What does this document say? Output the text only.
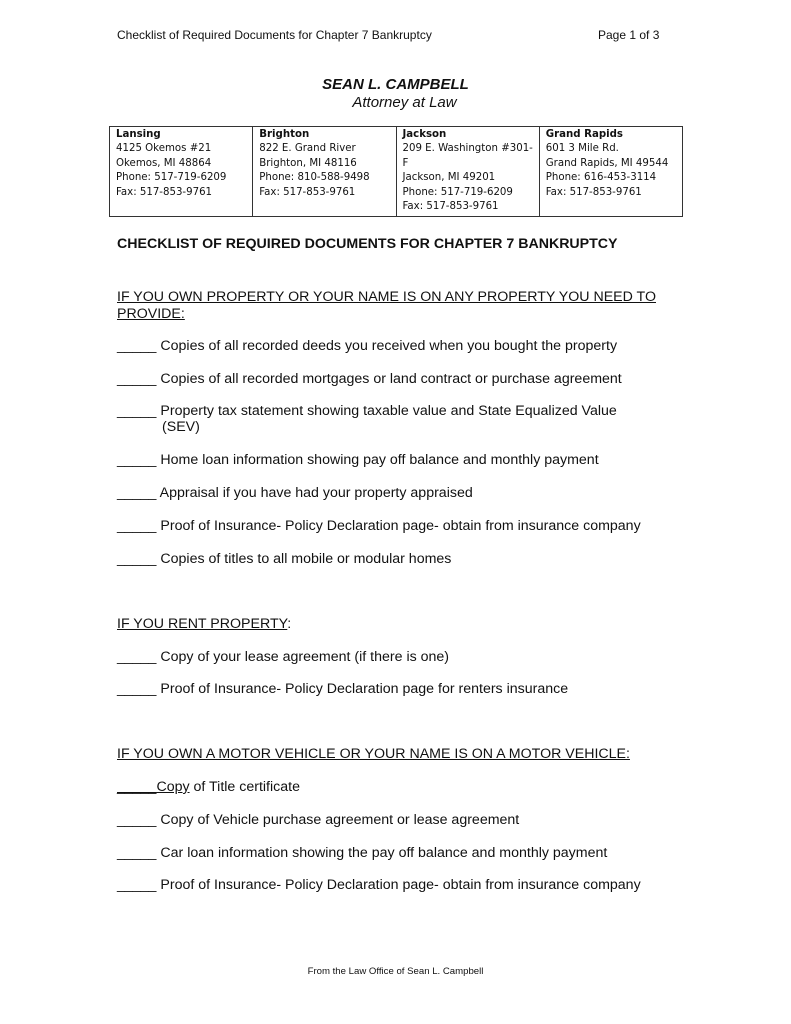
Checklist of Required Documents for Chapter 7 Bankruptcy	Page 1 of 3
SEAN L. CAMPBELL
Attorney at Law
Lansing
4125 Okemos #21
Okemos, MI 48864
Phone: 517-719-6209
Fax: 517-853-9761

Brighton
822 E. Grand River
Brighton, MI 48116
Phone: 810-588-9498
Fax: 517-853-9761

Jackson
209 E. Washington #301-F
Jackson, MI 49201
Phone: 517-719-6209
Fax: 517-853-9761

Grand Rapids
601 3 Mile Rd.
Grand Rapids, MI 49544
Phone: 616-453-3114
Fax: 517-853-9761
CHECKLIST OF REQUIRED DOCUMENTS FOR CHAPTER 7 BANKRUPTCY
IF YOU OWN PROPERTY OR YOUR NAME IS ON ANY PROPERTY YOU NEED TO
PROVIDE:
_____ Copies of all recorded deeds you received when you bought the property
_____ Copies of all recorded mortgages or land contract or purchase agreement
_____ Property tax statement showing taxable value and State Equalized Value
(SEV)
_____ Home loan information showing pay off balance and monthly payment
_____ Appraisal if you have had your property appraised
_____ Proof of Insurance- Policy Declaration page- obtain from insurance company
_____ Copies of titles to all mobile or modular homes
IF YOU RENT PROPERTY:
_____ Copy of your lease agreement (if there is one)
_____ Proof of Insurance- Policy Declaration page for renters insurance
IF YOU OWN A MOTOR VEHICLE OR YOUR NAME IS ON A MOTOR VEHICLE:
_____Copy of Title certificate
_____ Copy of Vehicle purchase agreement or lease agreement
_____ Car loan information showing the pay off balance and monthly payment
_____ Proof of Insurance- Policy Declaration page- obtain from insurance company
From the Law Office of Sean L. Campbell
